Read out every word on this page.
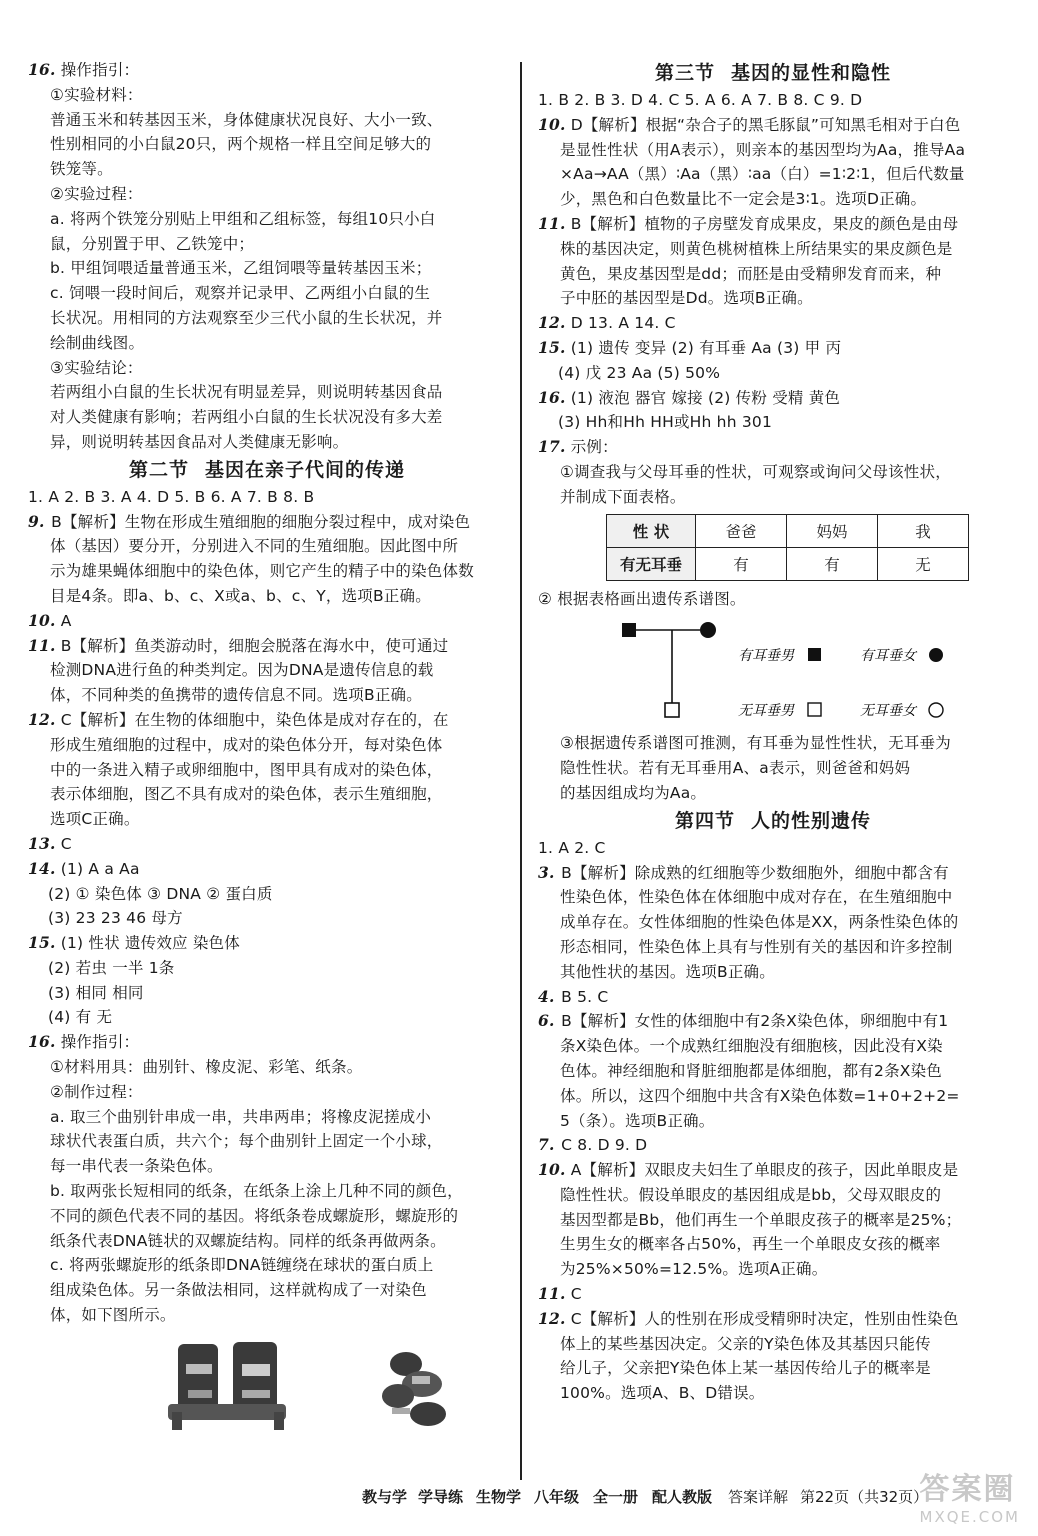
16. 操作指引：
①实验材料：
普通玉米和转基因玉米，身体健康状况良好、大小一致、
性别相同的小白鼠20只，两个规格一样且空间足够大的
铁笼等。
②实验过程：
a. 将两个铁笼分别贴上甲组和乙组标签，每组10只小白
鼠，分别置于甲、乙铁笼中；
b. 甲组饲喂适量普通玉米，乙组饲喂等量转基因玉米；
c. 饲喂一段时间后，观察并记录甲、乙两组小白鼠的生
长状况。用相同的方法观察至少三代小鼠的生长状况，并
绘制曲线图。
③实验结论：
若两组小白鼠的生长状况有明显差异，则说明转基因食品
对人类健康有影响；若两组小白鼠的生长状况没有多大差
异，则说明转基因食品对人类健康无影响。
第二节 基因在亲子代间的传递
1. A 2. B 3. A 4. D 5. B 6. A 7. B 8. B
9. B【解析】生物在形成生殖细胞的细胞分裂过程中，成对染色
体（基因）要分开，分别进入不同的生殖细胞。因此图中所
示为雄果蝇体细胞中的染色体，则它产生的精子中的染色体数
目是4条。即a、b、c、X或a、b、c、Y，选项B正确。
10. A
11. B【解析】鱼类游动时，细胞会脱落在海水中，使可通过
检测DNA进行鱼的种类判定。因为DNA是遗传信息的载
体，不同种类的鱼携带的遗传信息不同。选项B正确。
12. C【解析】在生物的体细胞中，染色体是成对存在的，在
形成生殖细胞的过程中，成对的染色体分开，每对染色体
中的一条进入精子或卵细胞中，图甲具有成对的染色体，
表示体细胞，图乙不具有成对的染色体，表示生殖细胞，
选项C正确。
13. C
14. (1) A a Aa
(2) ① 染色体 ③ DNA ② 蛋白质
(3) 23 23 46 母方
15. (1) 性状 遗传效应 染色体
(2) 若虫 一半 1条
(3) 相同 相同
(4) 有 无
16. 操作指引：
①材料用具：曲别针、橡皮泥、彩笔、纸条。
②制作过程：
a. 取三个曲别针串成一串，共串两串；将橡皮泥搓成小
球状代表蛋白质，共六个；每个曲别针上固定一个小球，
每一串代表一条染色体。
b. 取两张长短相同的纸条，在纸条上涂上几种不同的颜色，
不同的颜色代表不同的基因。将纸条卷成螺旋形，螺旋形的
纸条代表DNA链状的双螺旋结构。同样的纸条再做两条。
c. 将两张螺旋形的纸条即DNA链缠绕在球状的蛋白质上
组成染色体。另一条做法相同，这样就构成了一对染色
体，如下图所示。
第三节 基因的显性和隐性
1. B 2. B 3. D 4. C 5. A 6. A 7. B 8. C 9. D
10. D【解析】根据“杂合子的黑毛豚鼠”可知黑毛相对于白色
是显性性状（用A表示），则亲本的基因型均为Aa，推导Aa
×Aa→AA（黑）∶Aa（黑）∶aa（白）=1∶2∶1，但后代数量
少，黑色和白色数量比不一定会是3∶1。选项D正确。
11. B【解析】植物的子房壁发育成果皮，果皮的颜色是由母
株的基因决定，则黄色桃树植株上所结果实的果皮颜色是
黄色，果皮基因型是dd；而胚是由受精卵发育而来，种
子中胚的基因型是Dd。选项B正确。
12. D 13. A 14. C
15. (1) 遗传 变异 (2) 有耳垂 Aa (3) 甲 丙
(4) 戊 23 Aa (5) 50%
16. (1) 液泡 器官 嫁接 (2) 传粉 受精 黄色
(3) Hh和Hh HH或Hh hh 301
17. 示例：
①调查我与父母耳垂的性状，可观察或询问父母该性状，
并制成下面表格。
性 状	爸爸	妈妈	我
有无耳垂	有	有	无
② 根据表格画出遗传系谱图。
有耳垂男	有耳垂女
无耳垂男	无耳垂女
③根据遗传系谱图可推测，有耳垂为显性性状，无耳垂为
隐性性状。若有无耳垂用A、a表示，则爸爸和妈妈
的基因组成均为Aa。
第四节 人的性别遗传
1. A 2. C
3. B【解析】除成熟的红细胞等少数细胞外，细胞中都含有
性染色体，性染色体在体细胞中成对存在，在生殖细胞中
成单存在。女性体细胞的性染色体是XX，两条性染色体的
形态相同，性染色体上具有与性别有关的基因和许多控制
其他性状的基因。选项B正确。
4. B 5. C
6. B【解析】女性的体细胞中有2条X染色体，卵细胞中有1
条X染色体。一个成熟红细胞没有细胞核，因此没有X染
色体。神经细胞和肾脏细胞都是体细胞，都有2条X染色
体。所以，这四个细胞中共含有X染色体数=1+0+2+2=
5（条）。选项B正确。
7. C 8. D 9. D
10. A【解析】双眼皮夫妇生了单眼皮的孩子，因此单眼皮是
隐性性状。假设单眼皮的基因组成是bb，父母双眼皮的
基因型都是Bb，他们再生一个单眼皮孩子的概率是25%；
生男生女的概率各占50%，再生一个单眼皮女孩的概率
为25%×50%=12.5%。选项A正确。
11. C
12. C【解析】人的性别在形成受精卵时决定，性别由性染色
体上的某些基因决定。父亲的Y染色体及其基因只能传
给儿子，父亲把Y染色体上某一基因传给儿子的概率是
100%。选项A、B、D错误。
教与学 学导练 生物学 八年级 全一册 配人教版 答案详解 第22页（共32页）
答案圈
MXQE.COM
